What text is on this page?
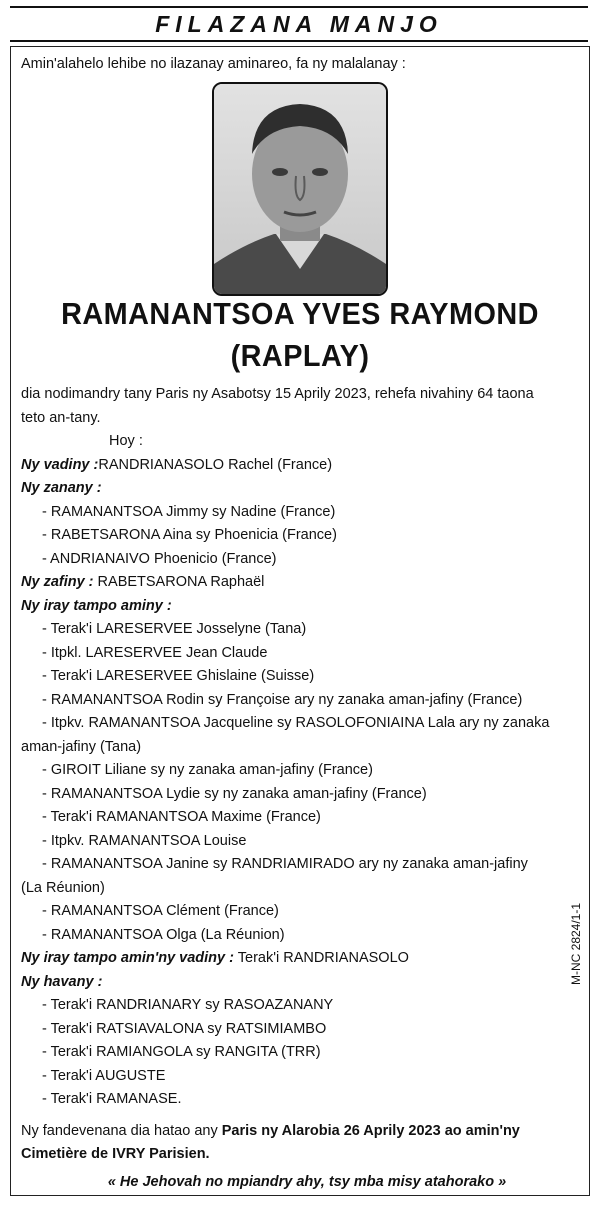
FILAZANA MANJO
Amin'alahelo lehibe no ilazanay aminareo, fa ny malalanay :
RAMANANTSOA YVES RAYMOND
(RAPLAY)
dia nodimandry tany Paris ny Asabotsy 15 Aprily 2023, rehefa nivahiny 64 taona
teto an-tany.
Hoy :
Ny vadiny :RANDRIANASOLO Rachel (France)
Ny zanany :
- RAMANANTSOA Jimmy sy Nadine (France)
- RABETSARONA Aina sy Phoenicia (France)
- ANDRIANAIVO Phoenicio (France)
Ny zafiny : RABETSARONA Raphaël
Ny iray tampo aminy :
- Terak'i LARESERVEE Josselyne (Tana)
- Itpkl. LARESERVEE Jean Claude
- Terak'i LARESERVEE Ghislaine (Suisse)
- RAMANANTSOA Rodin sy Françoise ary ny zanaka aman-jafiny (France)
- Itpkv. RAMANANTSOA Jacqueline sy RASOLOFONIAINA Lala ary ny zanaka
aman-jafiny (Tana)
- GIROIT Liliane sy ny zanaka aman-jafiny (France)
- RAMANANTSOA Lydie sy ny zanaka aman-jafiny (France)
- Terak'i RAMANANTSOA Maxime (France)
- Itpkv. RAMANANTSOA Louise
- RAMANANTSOA Janine sy RANDRIAMIRADO ary ny zanaka aman-jafiny
(La Réunion)
- RAMANANTSOA Clément (France)
- RAMANANTSOA Olga (La Réunion)
Ny iray tampo amin'ny vadiny : Terak'i RANDRIANASOLO
Ny havany :
- Terak'i RANDRIANARY sy RASOAZANANY
- Terak'i RATSIAVALONA sy RATSIMIAMBO
- Terak'i RAMIANGOLA sy RANGITA (TRR)
- Terak'i AUGUSTE
- Terak'i RAMANASE.
Ny fandevenana dia hatao any Paris ny Alarobia 26 Aprily 2023 ao amin'ny
Cimetière de IVRY Parisien.
« He Jehovah no mpiandry ahy, tsy mba misy atahorako »
M-NC 2824/1-1
